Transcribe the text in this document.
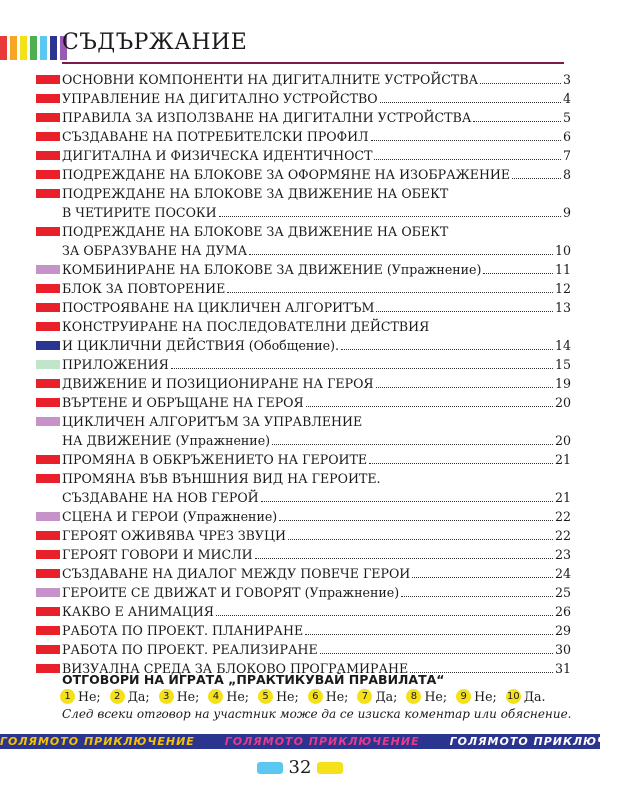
СЪДЪРЖАНИЕ
ОСНОВНИ КОМПОНЕНТИ НА ДИГИТАЛНИТЕ УСТРОЙСТВА	3
УПРАВЛЕНИЕ НА ДИГИТАЛНО УСТРОЙСТВО	4
ПРАВИЛА ЗА ИЗПОЛЗВАНЕ НА ДИГИТАЛНИ УСТРОЙСТВА	5
СЪЗДАВАНЕ НА ПОТРЕБИТЕЛСКИ ПРОФИЛ	6
ДИГИТАЛНА И ФИЗИЧЕСКА ИДЕНТИЧНОСТ	7
ПОДРЕЖДАНЕ НА БЛОКОВЕ ЗА ОФОРМЯНЕ НА ИЗОБРАЖЕНИЕ	8
ПОДРЕЖДАНЕ НА БЛОКОВЕ ЗА ДВИЖЕНИЕ НА ОБЕКТ
В ЧЕТИРИТЕ ПОСОКИ	9
ПОДРЕЖДАНЕ НА БЛОКОВЕ ЗА ДВИЖЕНИЕ НА ОБЕКТ
ЗА ОБРАЗУВАНЕ НА ДУМА	10
КОМБИНИРАНЕ НА БЛОКОВЕ ЗА ДВИЖЕНИЕ (Упражнение)	11
БЛОК ЗА ПОВТОРЕНИЕ	12
ПОСТРОЯВАНЕ НА ЦИКЛИЧЕН АЛГОРИТЪМ	13
КОНСТРУИРАНЕ НА ПОСЛЕДОВАТЕЛНИ ДЕЙСТВИЯ
И ЦИКЛИЧНИ ДЕЙСТВИЯ (Обобщение).	14
ПРИЛОЖЕНИЯ	15
ДВИЖЕНИЕ И ПОЗИЦИОНИРАНЕ НА ГЕРОЯ	19
ВЪРТЕНЕ И ОБРЪЩАНЕ НА ГЕРОЯ	20
ЦИКЛИЧЕН АЛГОРИТЪМ ЗА УПРАВЛЕНИЕ
НА ДВИЖЕНИЕ (Упражнение)	20
ПРОМЯНА В ОБКРЪЖЕНИЕТО НА ГЕРОИТЕ	21
ПРОМЯНА ВЪВ ВЪНШНИЯ ВИД НА ГЕРОИТЕ.
СЪЗДАВАНЕ НА НОВ ГЕРОЙ	21
СЦЕНА И ГЕРОИ (Упражнение)	22
ГЕРОЯТ ОЖИВЯВА ЧРЕЗ ЗВУЦИ	22
ГЕРОЯТ ГОВОРИ И МИСЛИ	23
СЪЗДАВАНЕ НА ДИАЛОГ МЕЖДУ ПОВЕЧЕ ГЕРОИ	24
ГЕРОИТЕ СЕ ДВИЖАТ И ГОВОРЯТ (Упражнение)	25
КАКВО Е АНИМАЦИЯ	26
РАБОТА ПО ПРОЕКТ. ПЛАНИРАНЕ	29
РАБОТА ПО ПРОЕКТ. РЕАЛИЗИРАНЕ	30
ВИЗУАЛНА СРЕДА ЗА БЛОКОВО ПРОГРАМИРАНЕ	31
ОТГОВОРИ НА ИГРАТА „ПРАКТИКУВАЙ ПРАВИЛАТА“
1 Не;	2 Да;	3 Не;	4 Не;	5 Не;	6 Не;	7 Да;	8 Не;	9 Не; 10 Да.
След всеки отговор на участник може да се изиска коментар или обяснение.
ГОЛЯМОТО ПРИКЛЮЧЕНИЕ	ГОЛЯМОТО ПРИКЛЮЧЕНИЕ	ГОЛЯМОТО ПРИКЛЮЧЕНИЕ
32
